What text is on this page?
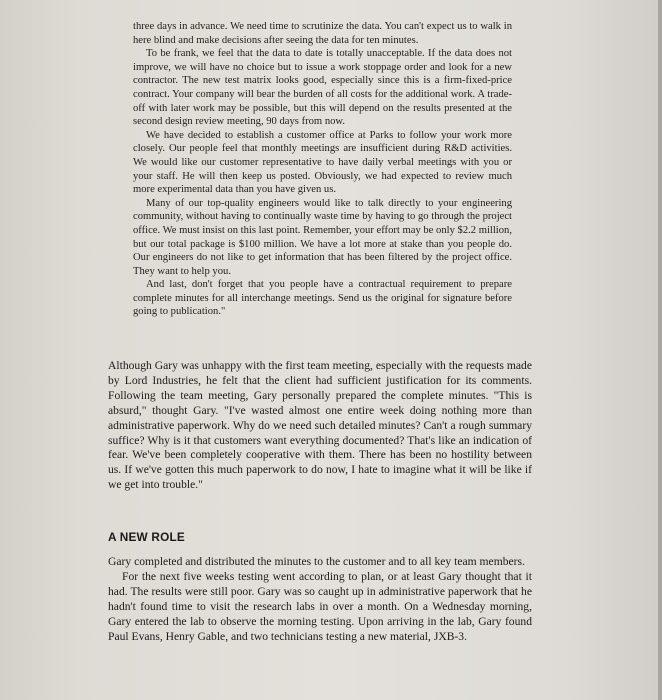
three days in advance. We need time to scrutinize the data. You can't expect us to walk in here blind and make decisions after seeing the data for ten minutes.

To be frank, we feel that the data to date is totally unacceptable. If the data does not improve, we will have no choice but to issue a work stoppage order and look for a new contractor. The new test matrix looks good, especially since this is a firm-fixed-price contract. Your company will bear the burden of all costs for the additional work. A trade-off with later work may be possible, but this will depend on the results presented at the second design review meeting, 90 days from now.

We have decided to establish a customer office at Parks to follow your work more closely. Our people feel that monthly meetings are insufficient during R&D activities. We would like our customer representative to have daily verbal meetings with you or your staff. He will then keep us posted. Obviously, we had expected to review much more experimental data than you have given us.

Many of our top-quality engineers would like to talk directly to your engineering community, without having to continually waste time by having to go through the project office. We must insist on this last point. Remember, your effort may be only $2.2 million, but our total package is $100 million. We have a lot more at stake than you people do. Our engineers do not like to get information that has been filtered by the project office. They want to help you.

And last, don't forget that you people have a contractual requirement to prepare complete minutes for all interchange meetings. Send us the original for signature before going to publication."

Although Gary was unhappy with the first team meeting, especially with the requests made by Lord Industries, he felt that the client had sufficient justification for its comments. Following the team meeting, Gary personally prepared the complete minutes. "This is absurd," thought Gary. "I've wasted almost one entire week doing nothing more than administrative paperwork. Why do we need such detailed minutes? Can't a rough summary suffice? Why is it that customers want everything documented? That's like an indication of fear. We've been completely cooperative with them. There has been no hostility between us. If we've gotten this much paperwork to do now, I hate to imagine what it will be like if we get into trouble."

A NEW ROLE

Gary completed and distributed the minutes to the customer and to all key team members.

For the next five weeks testing went according to plan, or at least Gary thought that it had. The results were still poor. Gary was so caught up in administrative paperwork that he hadn't found time to visit the research labs in over a month. On a Wednesday morning, Gary entered the lab to observe the morning testing. Upon arriving in the lab, Gary found Paul Evans, Henry Gable, and two technicians testing a new material, JXB-3.
